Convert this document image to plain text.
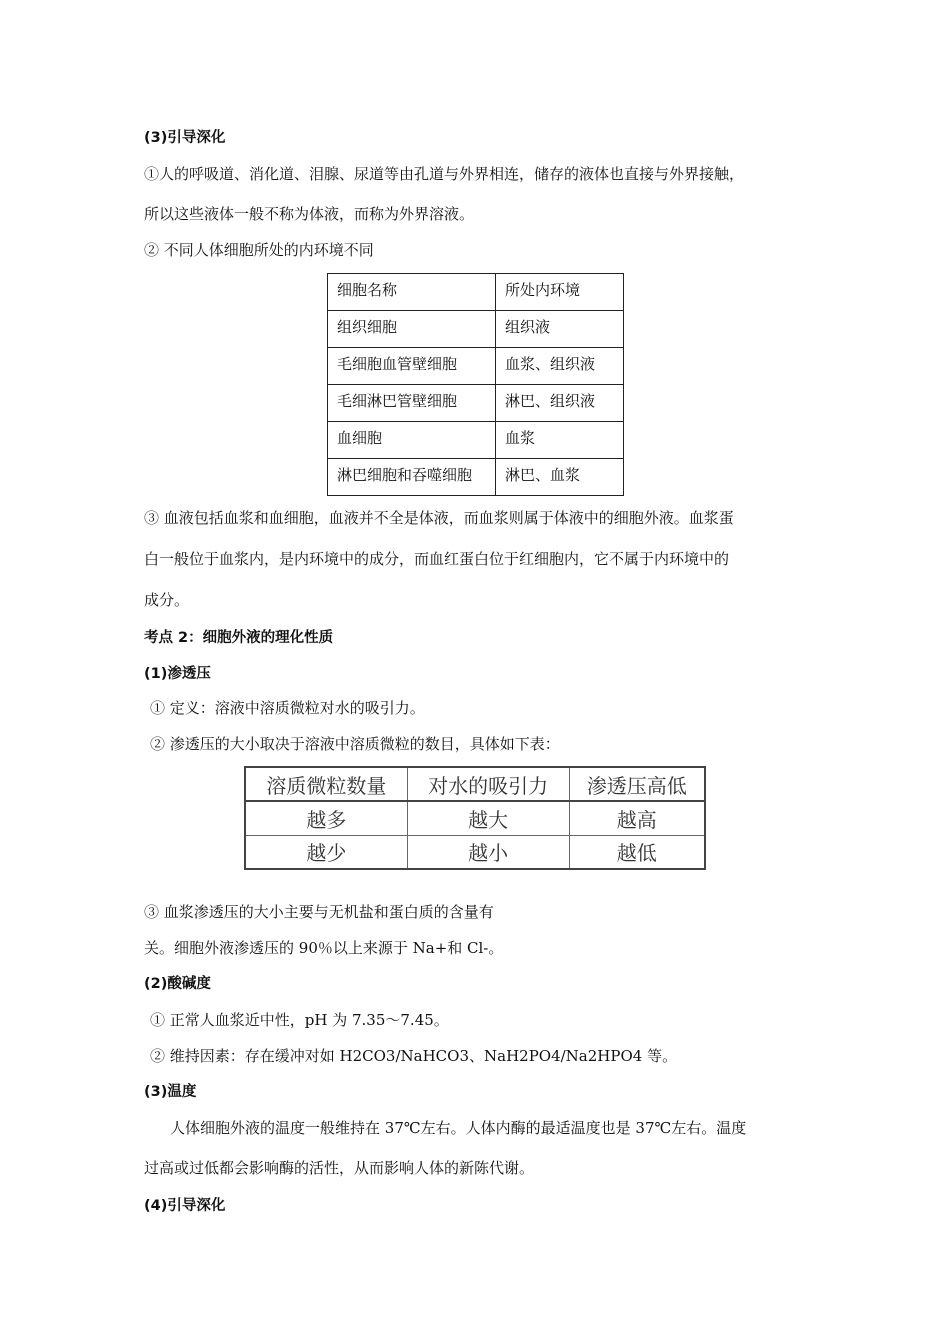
(3)引导深化
①人的呼吸道、消化道、泪腺、尿道等由孔道与外界相连，储存的液体也直接与外界接触，
所以这些液体一般不称为体液，而称为外界溶液。
② 不同人体细胞所处的内环境不同
细胞名称	所处内环境
组织细胞	组织液
毛细胞血管壁细胞	血浆、组织液
毛细淋巴管壁细胞	淋巴、组织液
血细胞	血浆
淋巴细胞和吞噬细胞	淋巴、血浆
③ 血液包括血浆和血细胞，血液并不全是体液，而血浆则属于体液中的细胞外液。血浆蛋
白一般位于血浆内，是内环境中的成分，而血红蛋白位于红细胞内，它不属于内环境中的
成分。
考点 2：细胞外液的理化性质
(1)渗透压
① 定义：溶液中溶质微粒对水的吸引力。
② 渗透压的大小取决于溶液中溶质微粒的数目，具体如下表：
溶质微粒数量	对水的吸引力	渗透压高低
越多	越大	越高
越少	越小	越低
③ 血浆渗透压的大小主要与无机盐和蛋白质的含量有
关。细胞外液渗透压的 90％以上来源于 Na+和 Cl-。
(2)酸碱度
① 正常人血浆近中性，pH 为 7.35～7.45。
② 维持因素：存在缓冲对如 H2CO3/NaHCO3、NaH2PO4/Na2HPO4 等。
(3)温度
人体细胞外液的温度一般维持在 37℃左右。人体内酶的最适温度也是 37℃左右。温度
过高或过低都会影响酶的活性，从而影响人体的新陈代谢。
(4)引导深化
